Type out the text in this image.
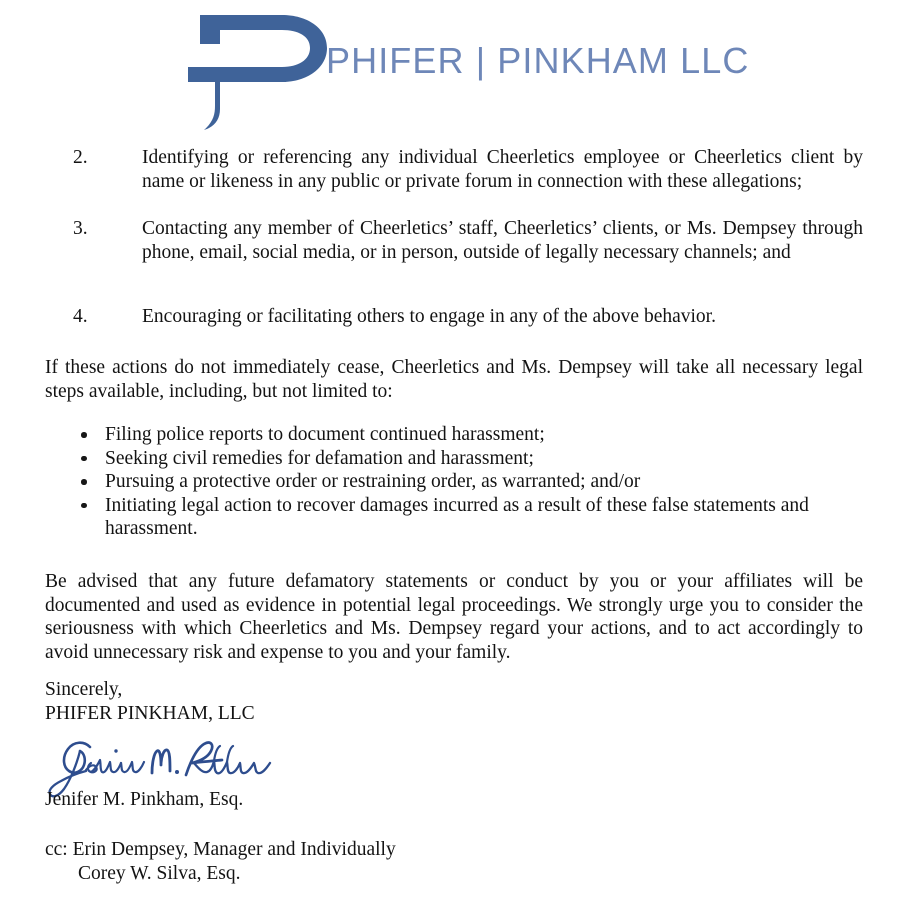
PHIFER | PINKHAM LLC
2.	Identifying or referencing any individual Cheerletics employee or Cheerletics client by name or likeness in any public or private forum in connection with these allegations;
3.	Contacting any member of Cheerletics’ staff, Cheerletics’ clients, or Ms. Dempsey through phone, email, social media, or in person, outside of legally necessary channels; and
4.	Encouraging or facilitating others to engage in any of the above behavior.
If these actions do not immediately cease, Cheerletics and Ms. Dempsey will take all necessary legal steps available, including, but not limited to:
Filing police reports to document continued harassment;
Seeking civil remedies for defamation and harassment;
Pursuing a protective order or restraining order, as warranted; and/or
Initiating legal action to recover damages incurred as a result of these false statements and harassment.
Be advised that any future defamatory statements or conduct by you or your affiliates will be documented and used as evidence in potential legal proceedings. We strongly urge you to consider the seriousness with which Cheerletics and Ms. Dempsey regard your actions, and to act accordingly to avoid unnecessary risk and expense to you and your family.
Sincerely,
PHIFER PINKHAM, LLC
Jenifer M. Pinkham, Esq.
cc: Erin Dempsey, Manager and Individually
Corey W. Silva, Esq.
